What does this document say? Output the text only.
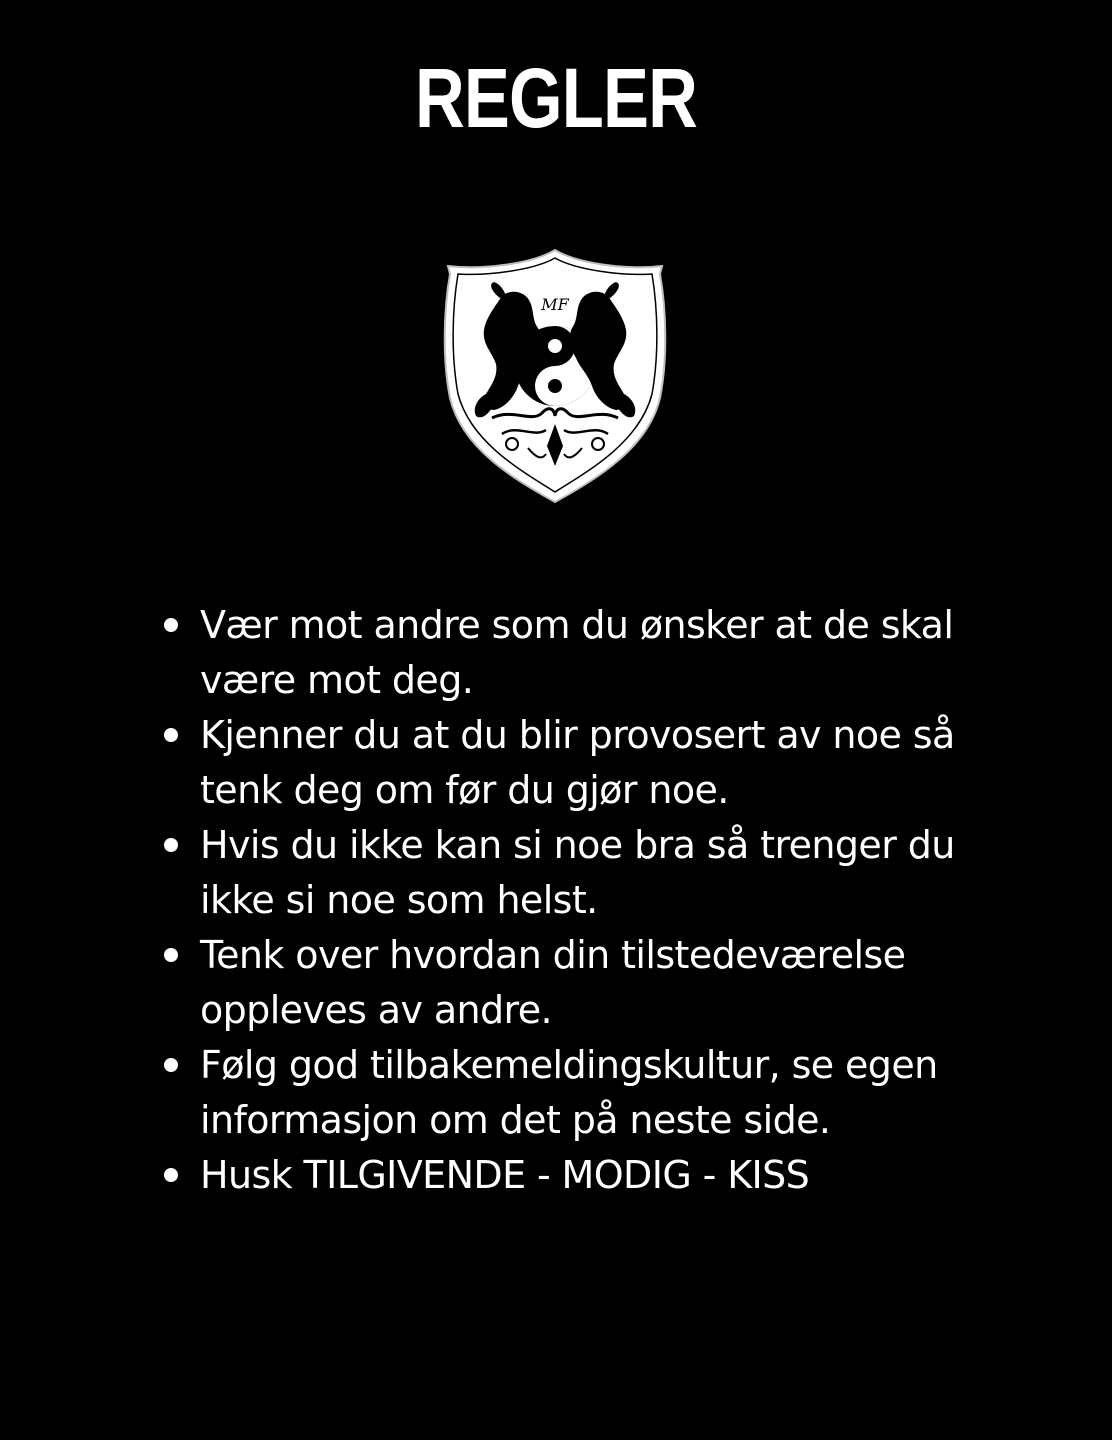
REGLER
MF
Vær mot andre som du ønsker at de skal være mot deg.
Kjenner du at du blir provosert av noe så tenk deg om før du gjør noe.
Hvis du ikke kan si noe bra så trenger du ikke si noe som helst.
Tenk over hvordan din tilstedeværelse oppleves av andre.
Følg god tilbakemeldingskultur, se egen informasjon om det på neste side.
Husk TILGIVENDE - MODIG - KISS
